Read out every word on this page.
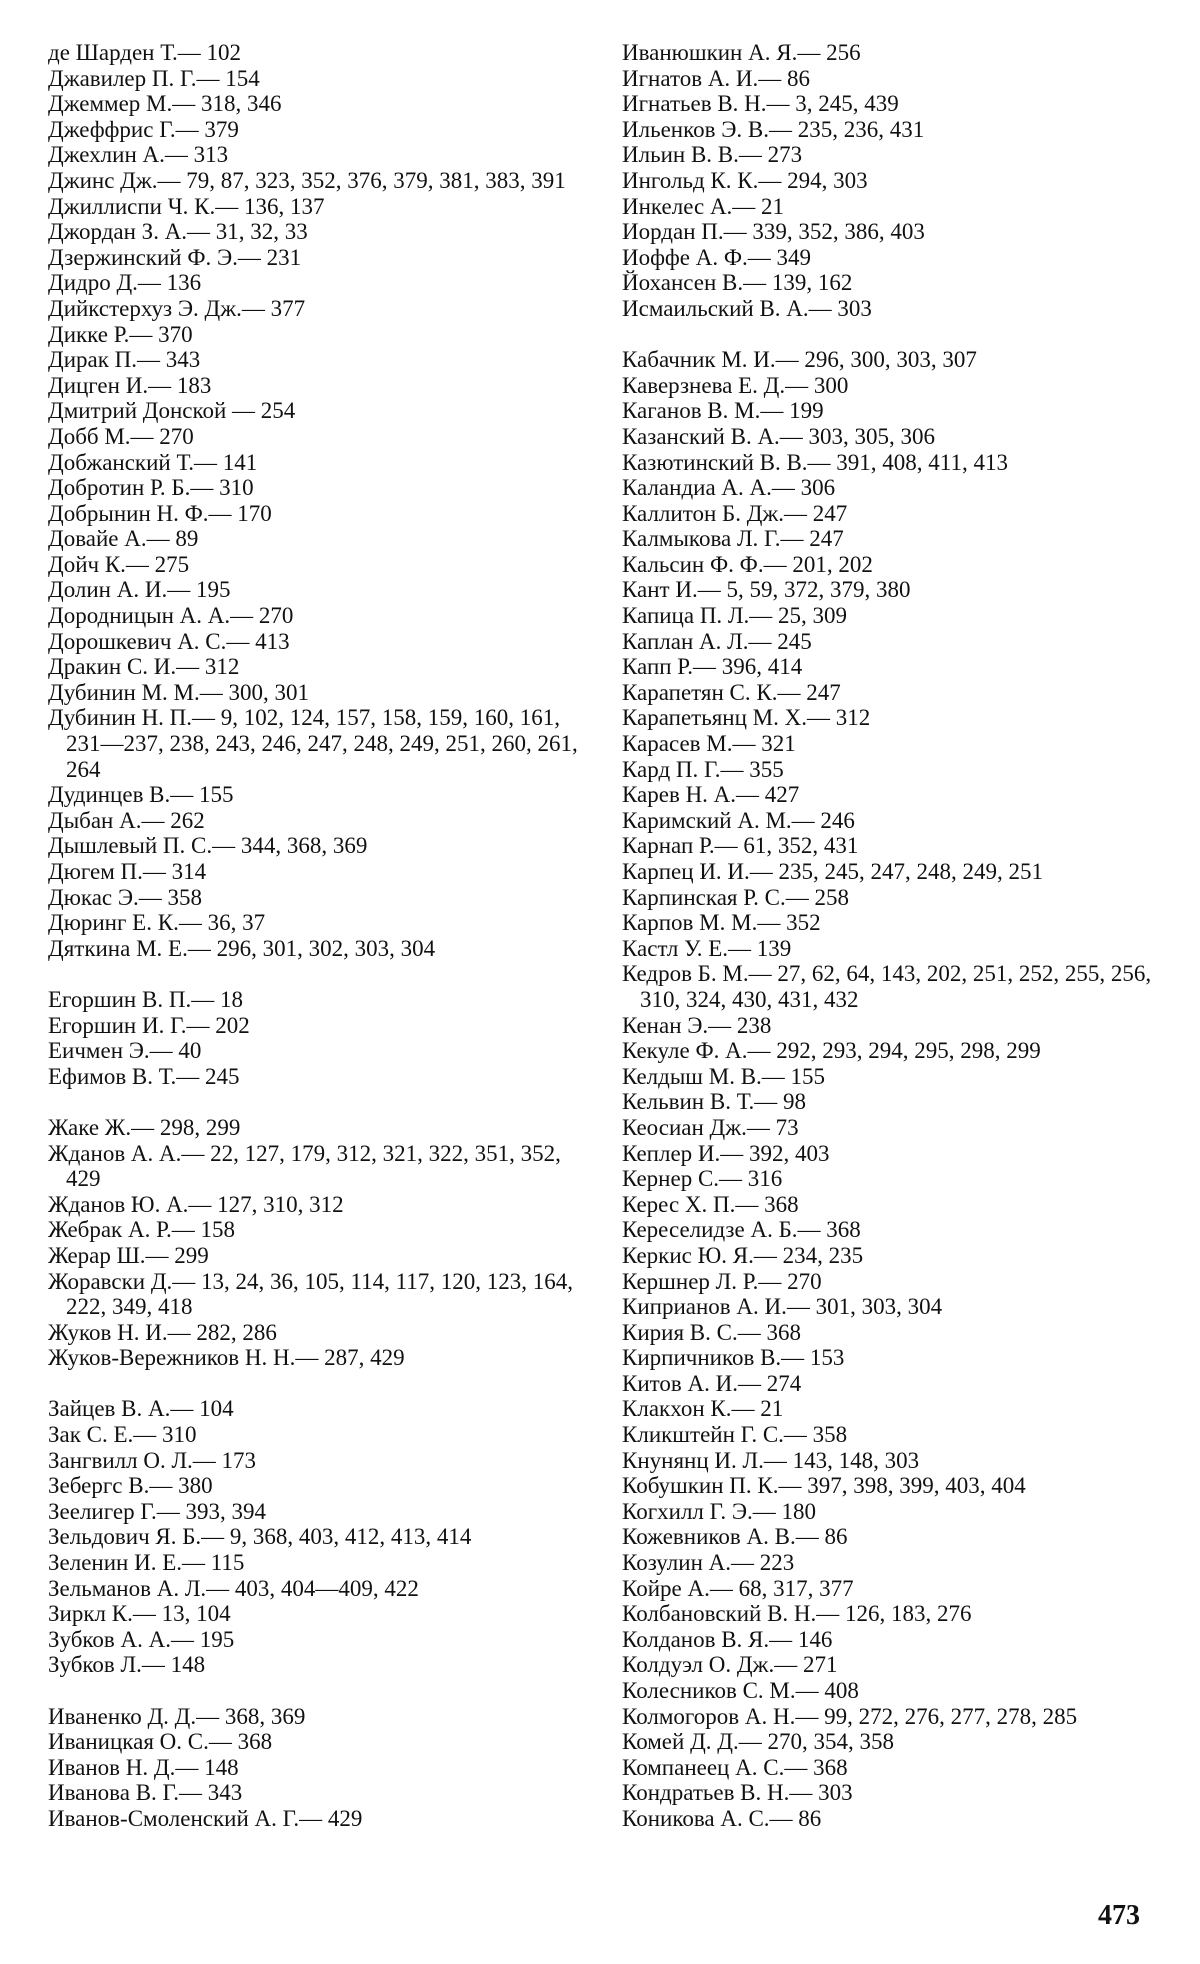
де Шарден Т.— 102
Джавилер П. Г.— 154
Джеммер М.— 318, 346
Джеффрис Г.— 379
Джехлин А.— 313
Джинс Дж.— 79, 87, 323, 352, 376, 379, 381, 383, 391
Джиллиспи Ч. К.— 136, 137
Джордан З. А.— 31, 32, 33
Дзержинский Ф. Э.— 231
Дидро Д.— 136
Дийкстерхуз Э. Дж.— 377
Дикке Р.— 370
Дирак П.— 343
Дицген И.— 183
Дмитрий Донской — 254
Добб М.— 270
Добжанский Т.— 141
Добротин Р. Б.— 310
Добрынин Н. Ф.— 170
Довайе А.— 89
Дойч К.— 275
Долин А. И.— 195
Дородницын А. А.— 270
Дорошкевич А. С.— 413
Дракин С. И.— 312
Дубинин М. М.— 300, 301
Дубинин Н. П.— 9, 102, 124, 157, 158, 159, 160, 161, 231—237, 238, 243, 246, 247, 248, 249, 251, 260, 261, 264
Дудинцев В.— 155
Дыбан А.— 262
Дышлевый П. С.— 344, 368, 369
Дюгем П.— 314
Дюкас Э.— 358
Дюринг Е. К.— 36, 37
Дяткина М. Е.— 296, 301, 302, 303, 304
Егоршин В. П.— 18
Егоршин И. Г.— 202
Еичмен Э.— 40
Ефимов В. Т.— 245
Жаке Ж.— 298, 299
Жданов А. А.— 22, 127, 179, 312, 321, 322, 351, 352, 429
Жданов Ю. А.— 127, 310, 312
Жебрак А. Р.— 158
Жерар Ш.— 299
Жоравски Д.— 13, 24, 36, 105, 114, 117, 120, 123, 164, 222, 349, 418
Жуков Н. И.— 282, 286
Жуков-Вережников Н. Н.— 287, 429
Зайцев В. А.— 104
Зак С. Е.— 310
Зангвилл О. Л.— 173
Зебергс В.— 380
Зеелигер Г.— 393, 394
Зельдович Я. Б.— 9, 368, 403, 412, 413, 414
Зеленин И. Е.— 115
Зельманов А. Л.— 403, 404—409, 422
Зиркл К.— 13, 104
Зубков А. А.— 195
Зубков Л.— 148
Иваненко Д. Д.— 368, 369
Иваницкая О. С.— 368
Иванов Н. Д.— 148
Иванова В. Г.— 343
Иванов-Смоленский А. Г.— 429
Иванюшкин А. Я.— 256
Игнатов А. И.— 86
Игнатьев В. Н.— 3, 245, 439
Ильенков Э. В.— 235, 236, 431
Ильин В. В.— 273
Ингольд К. К.— 294, 303
Инкелес А.— 21
Иордан П.— 339, 352, 386, 403
Иоффе А. Ф.— 349
Йохансен В.— 139, 162
Исмаильский В. А.— 303
Кабачник М. И.— 296, 300, 303, 307
Каверзнева Е. Д.— 300
Каганов В. М.— 199
Казанский В. А.— 303, 305, 306
Казютинский В. В.— 391, 408, 411, 413
Каландиа А. А.— 306
Каллитон Б. Дж.— 247
Калмыкова Л. Г.— 247
Кальсин Ф. Ф.— 201, 202
Кант И.— 5, 59, 372, 379, 380
Капица П. Л.— 25, 309
Каплан А. Л.— 245
Капп Р.— 396, 414
Карапетян С. К.— 247
Карапетьянц М. Х.— 312
Карасев М.— 321
Кард П. Г.— 355
Карев Н. А.— 427
Каримский А. М.— 246
Карнап Р.— 61, 352, 431
Карпец И. И.— 235, 245, 247, 248, 249, 251
Карпинская Р. С.— 258
Карпов М. М.— 352
Кастл У. Е.— 139
Кедров Б. М.— 27, 62, 64, 143, 202, 251, 252, 255, 256, 310, 324, 430, 431, 432
Кенан Э.— 238
Кекуле Ф. А.— 292, 293, 294, 295, 298, 299
Келдыш М. В.— 155
Кельвин В. Т.— 98
Кеосиан Дж.— 73
Кеплер И.— 392, 403
Кернер С.— 316
Керес Х. П.— 368
Кереселидзе А. Б.— 368
Керкис Ю. Я.— 234, 235
Кершнер Л. Р.— 270
Киприанов А. И.— 301, 303, 304
Кирия В. С.— 368
Кирпичников В.— 153
Китов А. И.— 274
Клакхон К.— 21
Кликштейн Г. С.— 358
Кнунянц И. Л.— 143, 148, 303
Кобушкин П. К.— 397, 398, 399, 403, 404
Когхилл Г. Э.— 180
Кожевников А. В.— 86
Козулин А.— 223
Койре А.— 68, 317, 377
Колбановский В. Н.— 126, 183, 276
Колданов В. Я.— 146
Колдуэл О. Дж.— 271
Колесников С. М.— 408
Колмогоров А. Н.— 99, 272, 276, 277, 278, 285
Комей Д. Д.— 270, 354, 358
Компанеец А. С.— 368
Кондратьев В. Н.— 303
Коникова А. С.— 86
473
